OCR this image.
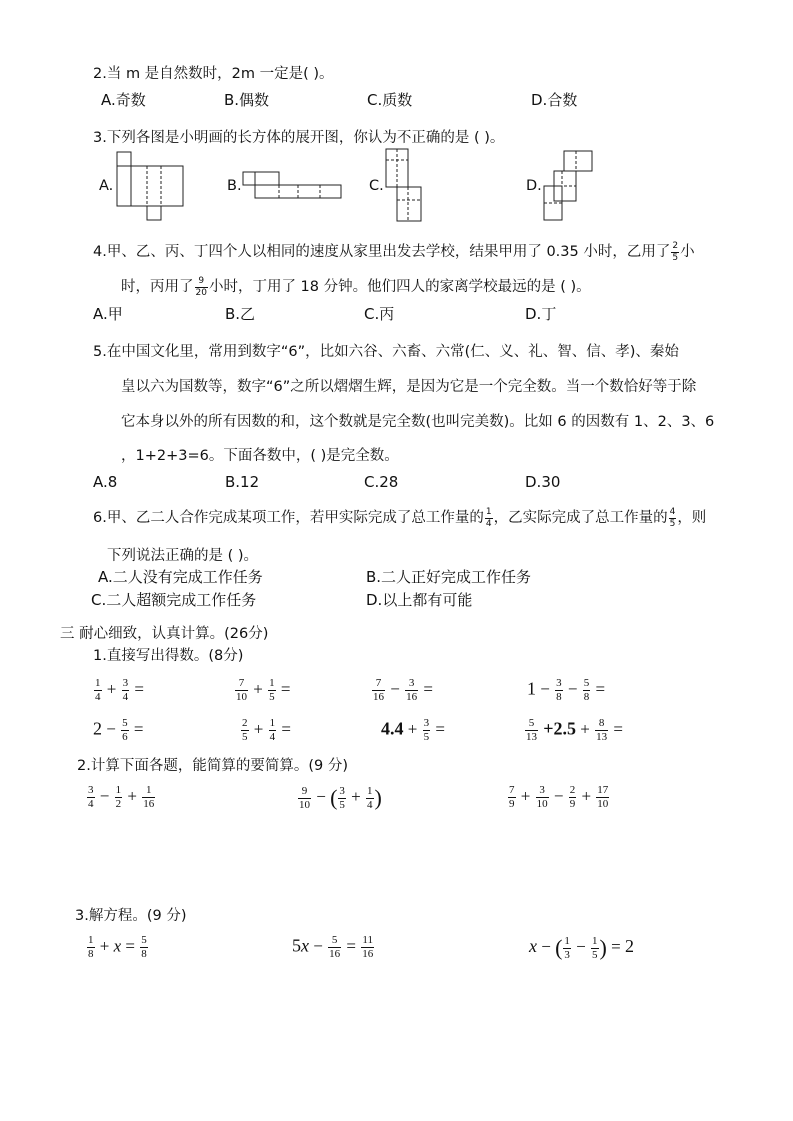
2.当 m 是自然数时，2m 一定是( )。
A.奇数	B.偶数	C.质数	D.合数
3.下列各图是小明画的长方体的展开图，你认为不正确的是 ( )。
A.	B.	C.	D.
4.甲、乙、丙、丁四个人以相同的速度从家里出发去学校，结果甲用了 0.35 小时，乙用了 $\frac{2}{5}$ 小
时，丙用了 $\frac{9}{20}$ 小时，丁用了 18 分钟。他们四人的家离学校最远的是 ( )。
A.甲	B.乙	C.丙	D.丁
5.在中国文化里，常用到数字“6”，比如六谷、六畜、六常(仁、义、礼、智、信、孝)、秦始
皇以六为国数等，数字“6”之所以熠熠生辉，是因为它是一个完全数。当一个数恰好等于除
它本身以外的所有因数的和，这个数就是完全数(也叫完美数)。比如 6 的因数有 1、2、3、6
，1+2+3=6。下面各数中，( )是完全数。
A.8	B.12	C.28	D.30
6.甲、乙二人合作完成某项工作，若甲实际完成了总工作量的 $\frac{1}{4}$ ，乙实际完成了总工作量的 $\frac{4}{5}$ ，则
下列说法正确的是 ( )。
A.二人没有完成工作任务	B.二人正好完成工作任务
C.二人超额完成工作任务	D.以上都有可能
三 耐心细致，认真计算。(26分)
1.直接写出得数。(8分)
$\frac{1}{4} + \frac{3}{4}$ =	$\frac{7}{10} + \frac{1}{5}$ =	$\frac{7}{16} - \frac{3}{16}$ =	$1 - \frac{3}{8} - \frac{5}{8}$ =
$2 - \frac{5}{6}$ =	$\frac{2}{5} + \frac{1}{4}$ =	$4.4 + \frac{3}{5}$ =	$\frac{5}{13} +2.5 + \frac{8}{13}$ =
2.计算下面各题，能简算的要简算。(9 分)
$\frac{3}{4} - \frac{1}{2} + \frac{1}{16}$	$\frac{9}{10}$ − ( $\frac{3}{5} + \frac{1}{4}$ )	$\frac{7}{9} + \frac{3}{10} - \frac{2}{9} + \frac{17}{10}$
3.解方程。(9 分)
$\frac{1}{8} + x = \frac{5}{8}$	$5x - \frac{5}{16} = \frac{11}{16}$	x − ( $\frac{1}{3} - \frac{1}{5}$ ) = 2
